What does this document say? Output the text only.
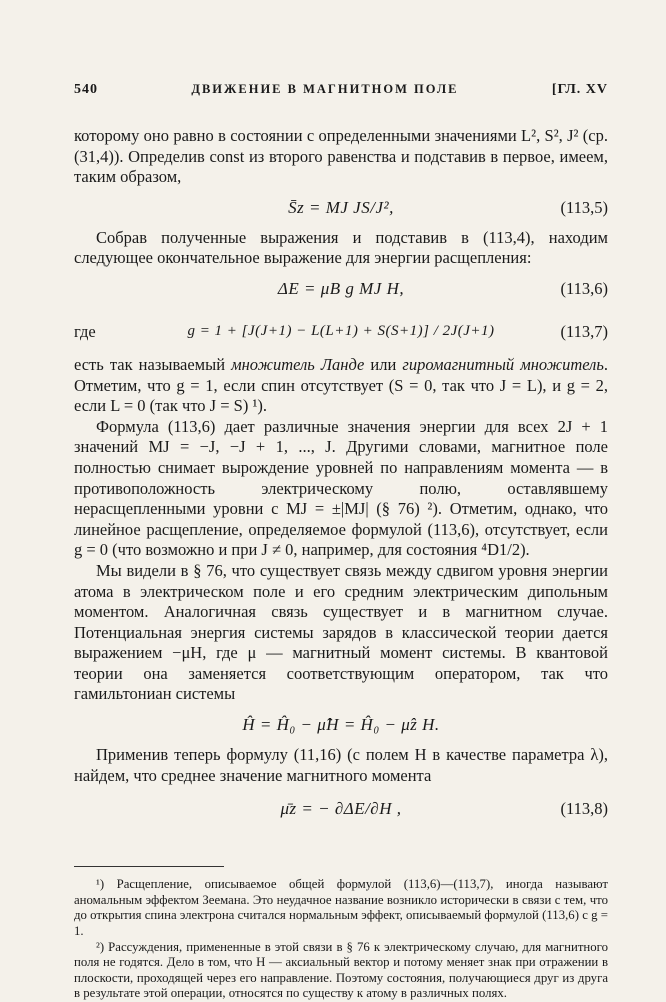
540	ДВИЖЕНИЕ В МАГНИТНОМ ПОЛЕ	[ГЛ. XV

которому оно равно в состоянии с определенными значениями L², S², J² (ср. (31,4)). Определив const из второго равенства и подставив в первое, имеем, таким образом,

S̄z = MJ JS/J²,	(113,5)

Собрав полученные выражения и подставив в (113,4), находим следующее окончательное выражение для энергии расщепления:

ΔE = μB g MJ H,	(113,6)
где	g = 1 + [J(J+1) − L(L+1) + S(S+1)] / 2J(J+1)	(113,7)

есть так называемый множитель Ланде или гиромагнитный множитель. Отметим, что g = 1, если спин отсутствует (S = 0, так что J = L), и g = 2, если L = 0 (так что J = S) ¹).

Формула (113,6) дает различные значения энергии для всех 2J + 1 значений MJ = −J, −J + 1, ..., J. Другими словами, магнитное поле полностью снимает вырождение уровней по направлениям момента — в противоположность электрическому полю, оставлявшему нерасщепленными уровни с MJ = ±|MJ| (§ 76) ²). Отметим, однако, что линейное расщепление, определяемое формулой (113,6), отсутствует, если g = 0 (что возможно и при J ≠ 0, например, для состояния ⁴D1/2).

Мы видели в § 76, что существует связь между сдвигом уровня энергии атома в электрическом поле и его средним электрическим дипольным моментом. Аналогичная связь существует и в магнитном случае. Потенциальная энергия системы зарядов в классической теории дается выражением −μH, где μ — магнитный момент системы. В квантовой теории она заменяется соответствующим оператором, так что гамильтониан системы

Ĥ = Ĥ₀ − μ̂H = Ĥ₀ − μ̂z H.

Применив теперь формулу (11,16) (с полем H в качестве параметра λ), найдем, что среднее значение магнитного момента

μ̄z = − ∂ΔE/∂H ,	(113,8)

¹) Расщепление, описываемое общей формулой (113,6)—(113,7), иногда называют аномальным эффектом Зеемана. Это неудачное название возникло исторически в связи с тем, что до открытия спина электрона считался нормальным эффект, описываемый формулой (113,6) с g = 1.

²) Рассуждения, примененные в этой связи в § 76 к электрическому случаю, для магнитного поля не годятся. Дело в том, что H — аксиальный вектор и потому меняет знак при отражении в плоскости, проходящей через его направление. Поэтому состояния, получающиеся друг из друга в результате этой операции, относятся по существу к атому в различных полях.
